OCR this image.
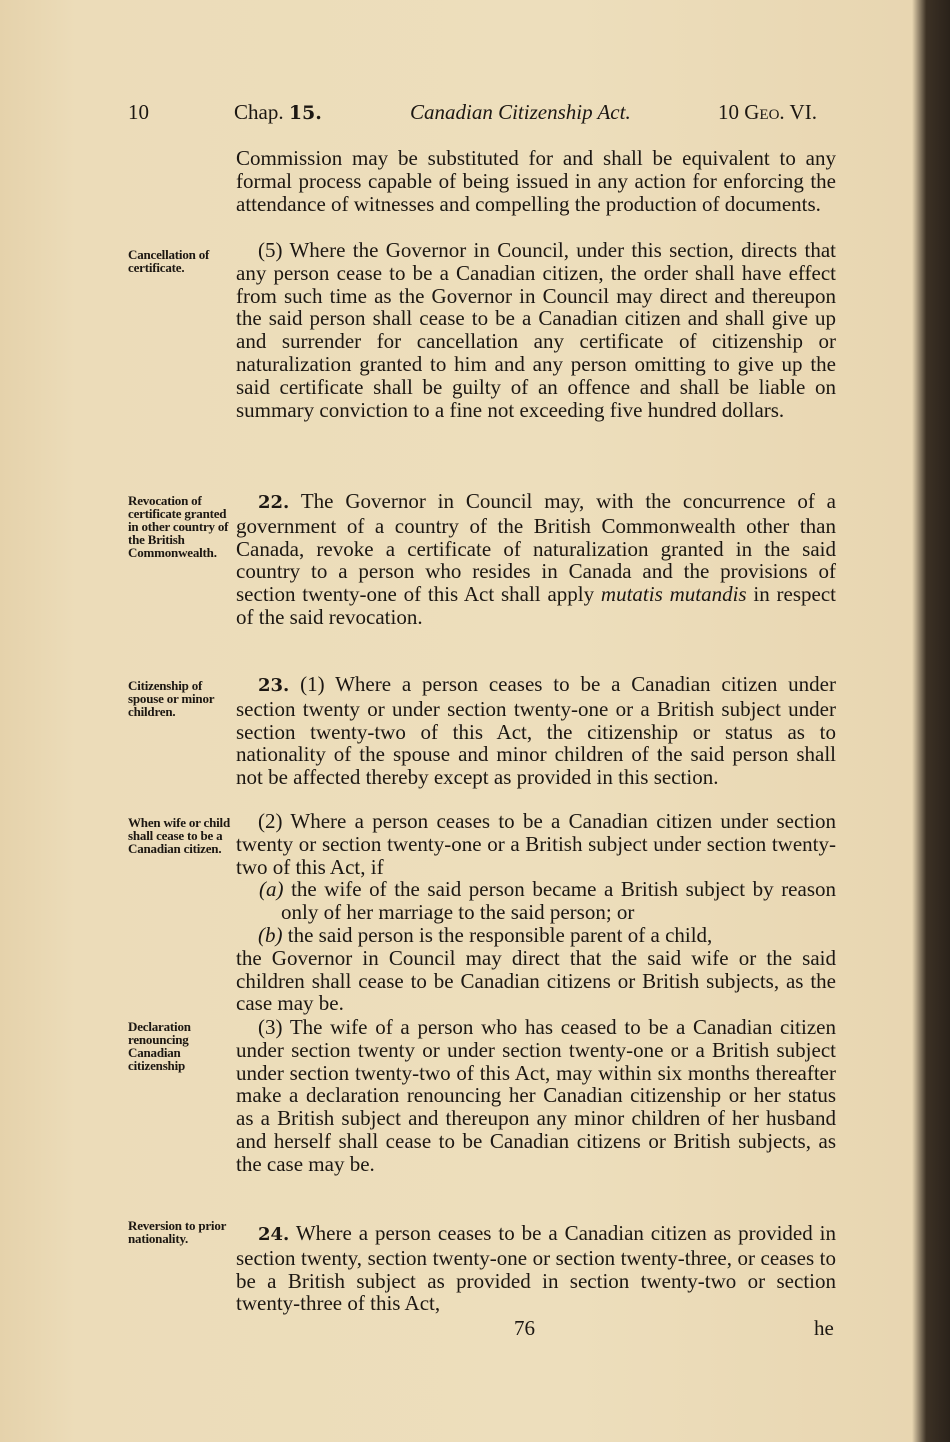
10	Chap. 15.	Canadian Citizenship Act.	10 Geo. VI.

Commission may be substituted for and shall be equivalent to any formal process capable of being issued in any action for enforcing the attendance of witnesses and compelling the production of documents.

Cancellation of certificate.

(5) Where the Governor in Council, under this section, directs that any person cease to be a Canadian citizen, the order shall have effect from such time as the Governor in Council may direct and thereupon the said person shall cease to be a Canadian citizen and shall give up and surrender for cancellation any certificate of citizenship or naturalization granted to him and any person omitting to give up the said certificate shall be guilty of an offence and shall be liable on summary conviction to a fine not exceeding five hundred dollars.

Revocation of certificate granted in other country of the British Commonwealth.

22. The Governor in Council may, with the concurrence of a government of a country of the British Commonwealth other than Canada, revoke a certificate of naturalization granted in the said country to a person who resides in Canada and the provisions of section twenty-one of this Act shall apply mutatis mutandis in respect of the said revocation.

Citizenship of spouse or minor children.

23. (1) Where a person ceases to be a Canadian citizen under section twenty or under section twenty-one or a British subject under section twenty-two of this Act, the citizenship or status as to nationality of the spouse and minor children of the said person shall not be affected thereby except as provided in this section.

When wife or child shall cease to be a Canadian citizen.

(2) Where a person ceases to be a Canadian citizen under section twenty or section twenty-one or a British subject under section twenty-two of this Act, if

(a) the wife of the said person became a British subject by reason only of her marriage to the said person; or

(b) the said person is the responsible parent of a child,

the Governor in Council may direct that the said wife or the said children shall cease to be Canadian citizens or British subjects, as the case may be.

Declaration renouncing Canadian citizenship

(3) The wife of a person who has ceased to be a Canadian citizen under section twenty or under section twenty-one or a British subject under section twenty-two of this Act, may within six months thereafter make a declaration renouncing her Canadian citizenship or her status as a British subject and thereupon any minor children of her husband and herself shall cease to be Canadian citizens or British subjects, as the case may be.

Reversion to prior nationality.	24. Where a person ceases to be a Canadian citizen as provided in section twenty, section twenty-one or section twenty-three, or ceases to be a British subject as provided in section twenty-two or section twenty-three of this Act,

76	he
